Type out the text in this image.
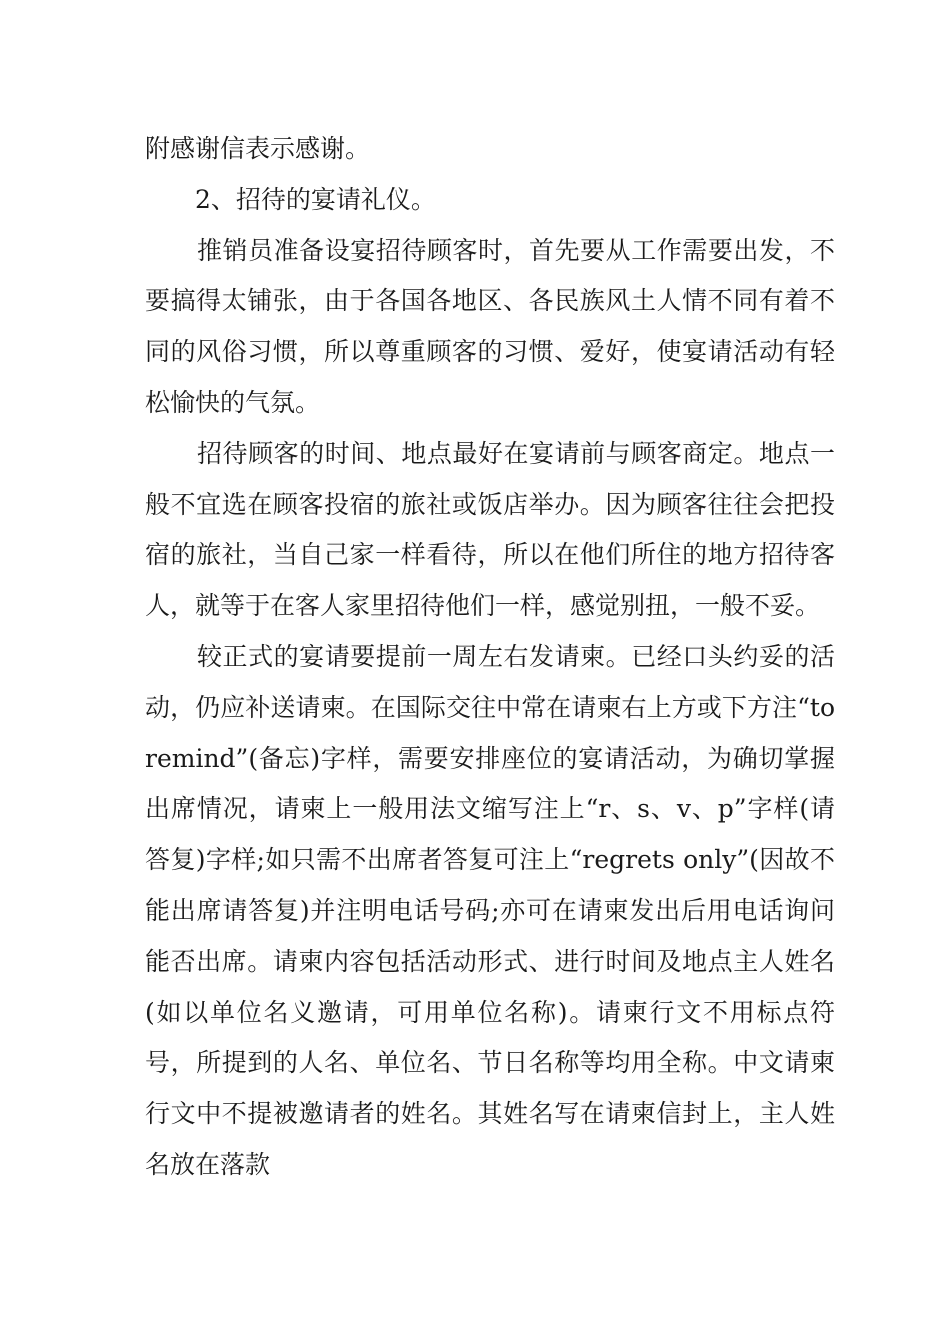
附感谢信表示感谢。

2、招待的宴请礼仪。

推销员准备设宴招待顾客时，首先要从工作需要出发，不要搞得太铺张，由于各国各地区、各民族风土人情不同有着不同的风俗习惯，所以尊重顾客的习惯、爱好，使宴请活动有轻松愉快的气氛。

招待顾客的时间、地点最好在宴请前与顾客商定。地点一般不宜选在顾客投宿的旅社或饭店举办。因为顾客往往会把投宿的旅社，当自己家一样看待，所以在他们所住的地方招待客人，就等于在客人家里招待他们一样，感觉别扭，一般不妥。

较正式的宴请要提前一周左右发请柬。已经口头约妥的活动，仍应补送请柬。在国际交往中常在请柬右上方或下方注“to remind”(备忘)字样，需要安排座位的宴请活动，为确切掌握出席情况，请柬上一般用法文缩写注上“r、s、v、p”字样(请答复)字样;如只需不出席者答复可注上“regrets only”(因故不能出席请答复)并注明电话号码;亦可在请柬发出后用电话询问能否出席。请柬内容包括活动形式、进行时间及地点主人姓名(如以单位名义邀请，可用单位名称)。请柬行文不用标点符号，所提到的人名、单位名、节日名称等均用全称。中文请柬行文中不提被邀请者的姓名。其姓名写在请柬信封上，主人姓名放在落款
